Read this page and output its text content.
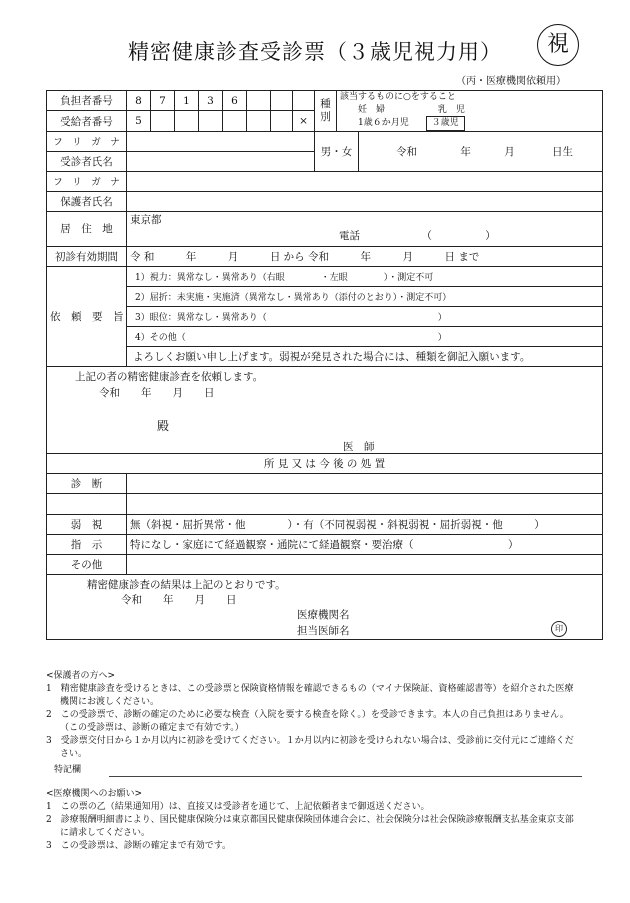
精密健康診査受診票（３歳児視力用）	視
（丙・医療機関依頼用）
負担者番号	8	7	1	3	6				種別	該当するものに○をすること
妊　婦 乳　児
1歳６か月児 ３歳児	

受給者番号	5							×			
フ　リ　ガ　ナ									男・女		令和 年 月 日生
受診者氏名											
フ　リ　ガ　ナ											
保護者氏名											
居　住　地	東京都
電話 （ ）										

初診有効期間	令 和　　　年　　　月　　　日 から 令和　　　年　　　月　　　日 まで										
依　頼　要　旨	1）視力：異常なし・異常あり（右眼　　　　・左眼　　　　）・測定不可										
	2）屈折：未実施・実施済（異常なし・異常あり（添付のとおり）・測定不可）										
	3）眼位：異常なし・異常あり（　　　　　　　　　　　　　　　　　　　）										
	4）その他（　　　　　　　　　　　　　　　　　　　　　　　　　　　　）										
	よろしくお願い申し上げます。弱視が発見された場合には、種類を御記入願います。										

上記の者の精密健康診査を依頼します。
令和　　年　　月　　日
殿
医　師											

所 見 又 は 今 後 の 処 置											
診　断											

弱　視	無（斜視・屈折異常・他　　　　）・有（不同視弱視・斜視弱視・屈折弱視・他　　　）										
指　示	特になし・家庭にて経過観察・通院にて経過観察・要治療（　　　　　　　　　）										
その他											

精密健康診査の結果は上記のとおりです。
令和　　年　　月　　日
医療機関名
担当医師名 印											
<保護者の方へ>
1　精密健康診査を受けるときは、この受診票と保険資格情報を確認できるもの（マイナ保険証、資格確認書等）を紹介された医療機関にお渡しください。
2　この受診票で、診断の確定のために必要な検査（入院を要する検査を除く。）を受診できます。本人の自己負担はありません。（この受診票は、診断の確定まで有効です。）
3　受診票交付日から１か月以内に初診を受けてください。１か月以内に初診を受けられない場合は、受診前に交付元にご連絡ください。
特記欄
<医療機関へのお願い>
1　この票の乙（結果通知用）は、直接又は受診者を通じて、上記依頼者まで御返送ください。
2　診療報酬明細書により、国民健康保険分は東京都国民健康保険団体連合会に、社会保険分は社会保険診療報酬支払基金東京支部に請求してください。
3　この受診票は、診断の確定まで有効です。
